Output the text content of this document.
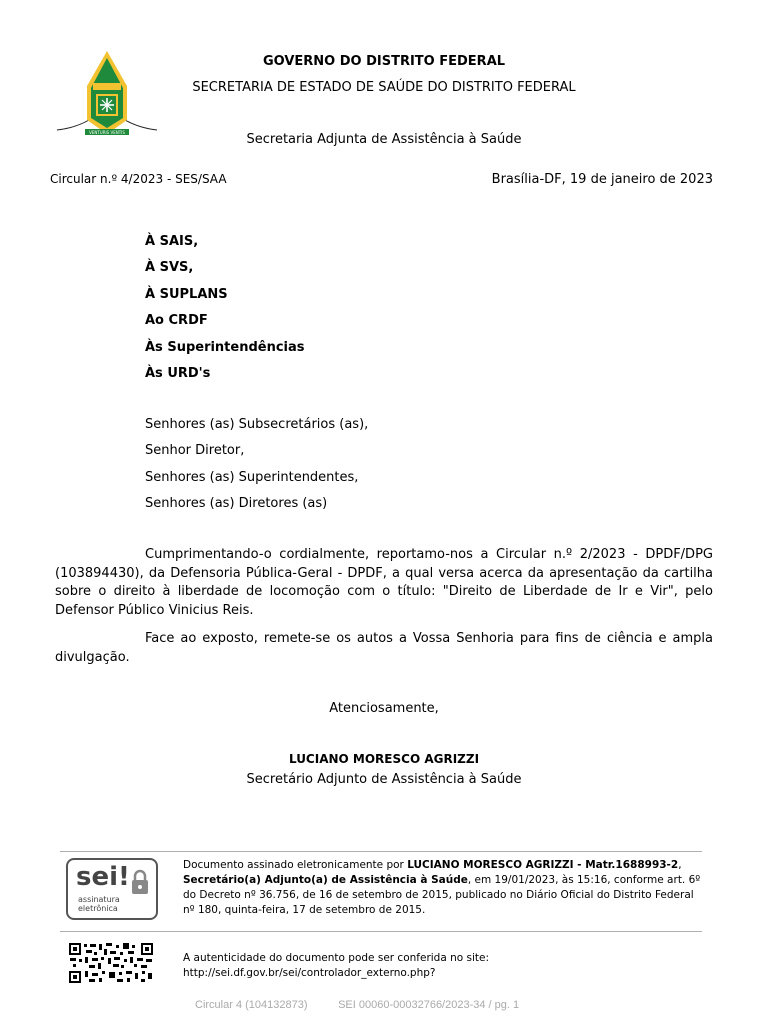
VENTURIS VENTIS
GOVERNO DO DISTRITO FEDERAL
SECRETARIA DE ESTADO DE SAÚDE DO DISTRITO FEDERAL
Secretaria Adjunta de Assistência à Saúde
Circular n.º 4/2023 - SES/SAA	Brasília-DF, 19 de janeiro de 2023
À SAIS,
À SVS,
À SUPLANS
Ao CRDF
Às Superintendências
Às URD's
Senhores (as) Subsecretários (as),
Senhor Diretor,
Senhores (as) Superintendentes,
Senhores (as) Diretores (as)
Cumprimentando-o cordialmente, reportamo-nos a Circular n.º 2/2023 - DPDF/DPG (103894430), da Defensoria Pública-Geral - DPDF, a qual versa acerca da apresentação da cartilha sobre o direito à liberdade de locomoção com o título: "Direito de Liberdade de Ir e Vir", pelo Defensor Público Vinicius Reis.
Face ao exposto, remete-se os autos a Vossa Senhoria para fins de ciência e ampla divulgação.
Atenciosamente,
LUCIANO MORESCO AGRIZZI
Secretário Adjunto de Assistência à Saúde
sei!
assinatura
eletrônica
Documento assinado eletronicamente por LUCIANO MORESCO AGRIZZI - Matr.1688993-2, Secretário(a) Adjunto(a) de Assistência à Saúde, em 19/01/2023, às 15:16, conforme art. 6º do Decreto nº 36.756, de 16 de setembro de 2015, publicado no Diário Oficial do Distrito Federal nº 180, quinta-feira, 17 de setembro de 2015.
A autenticidade do documento pode ser conferida no site:
http://sei.df.gov.br/sei/controlador_externo.php?
Circular 4 (104132873)	SEI 00060-00032766/2023-34 / pg. 1
